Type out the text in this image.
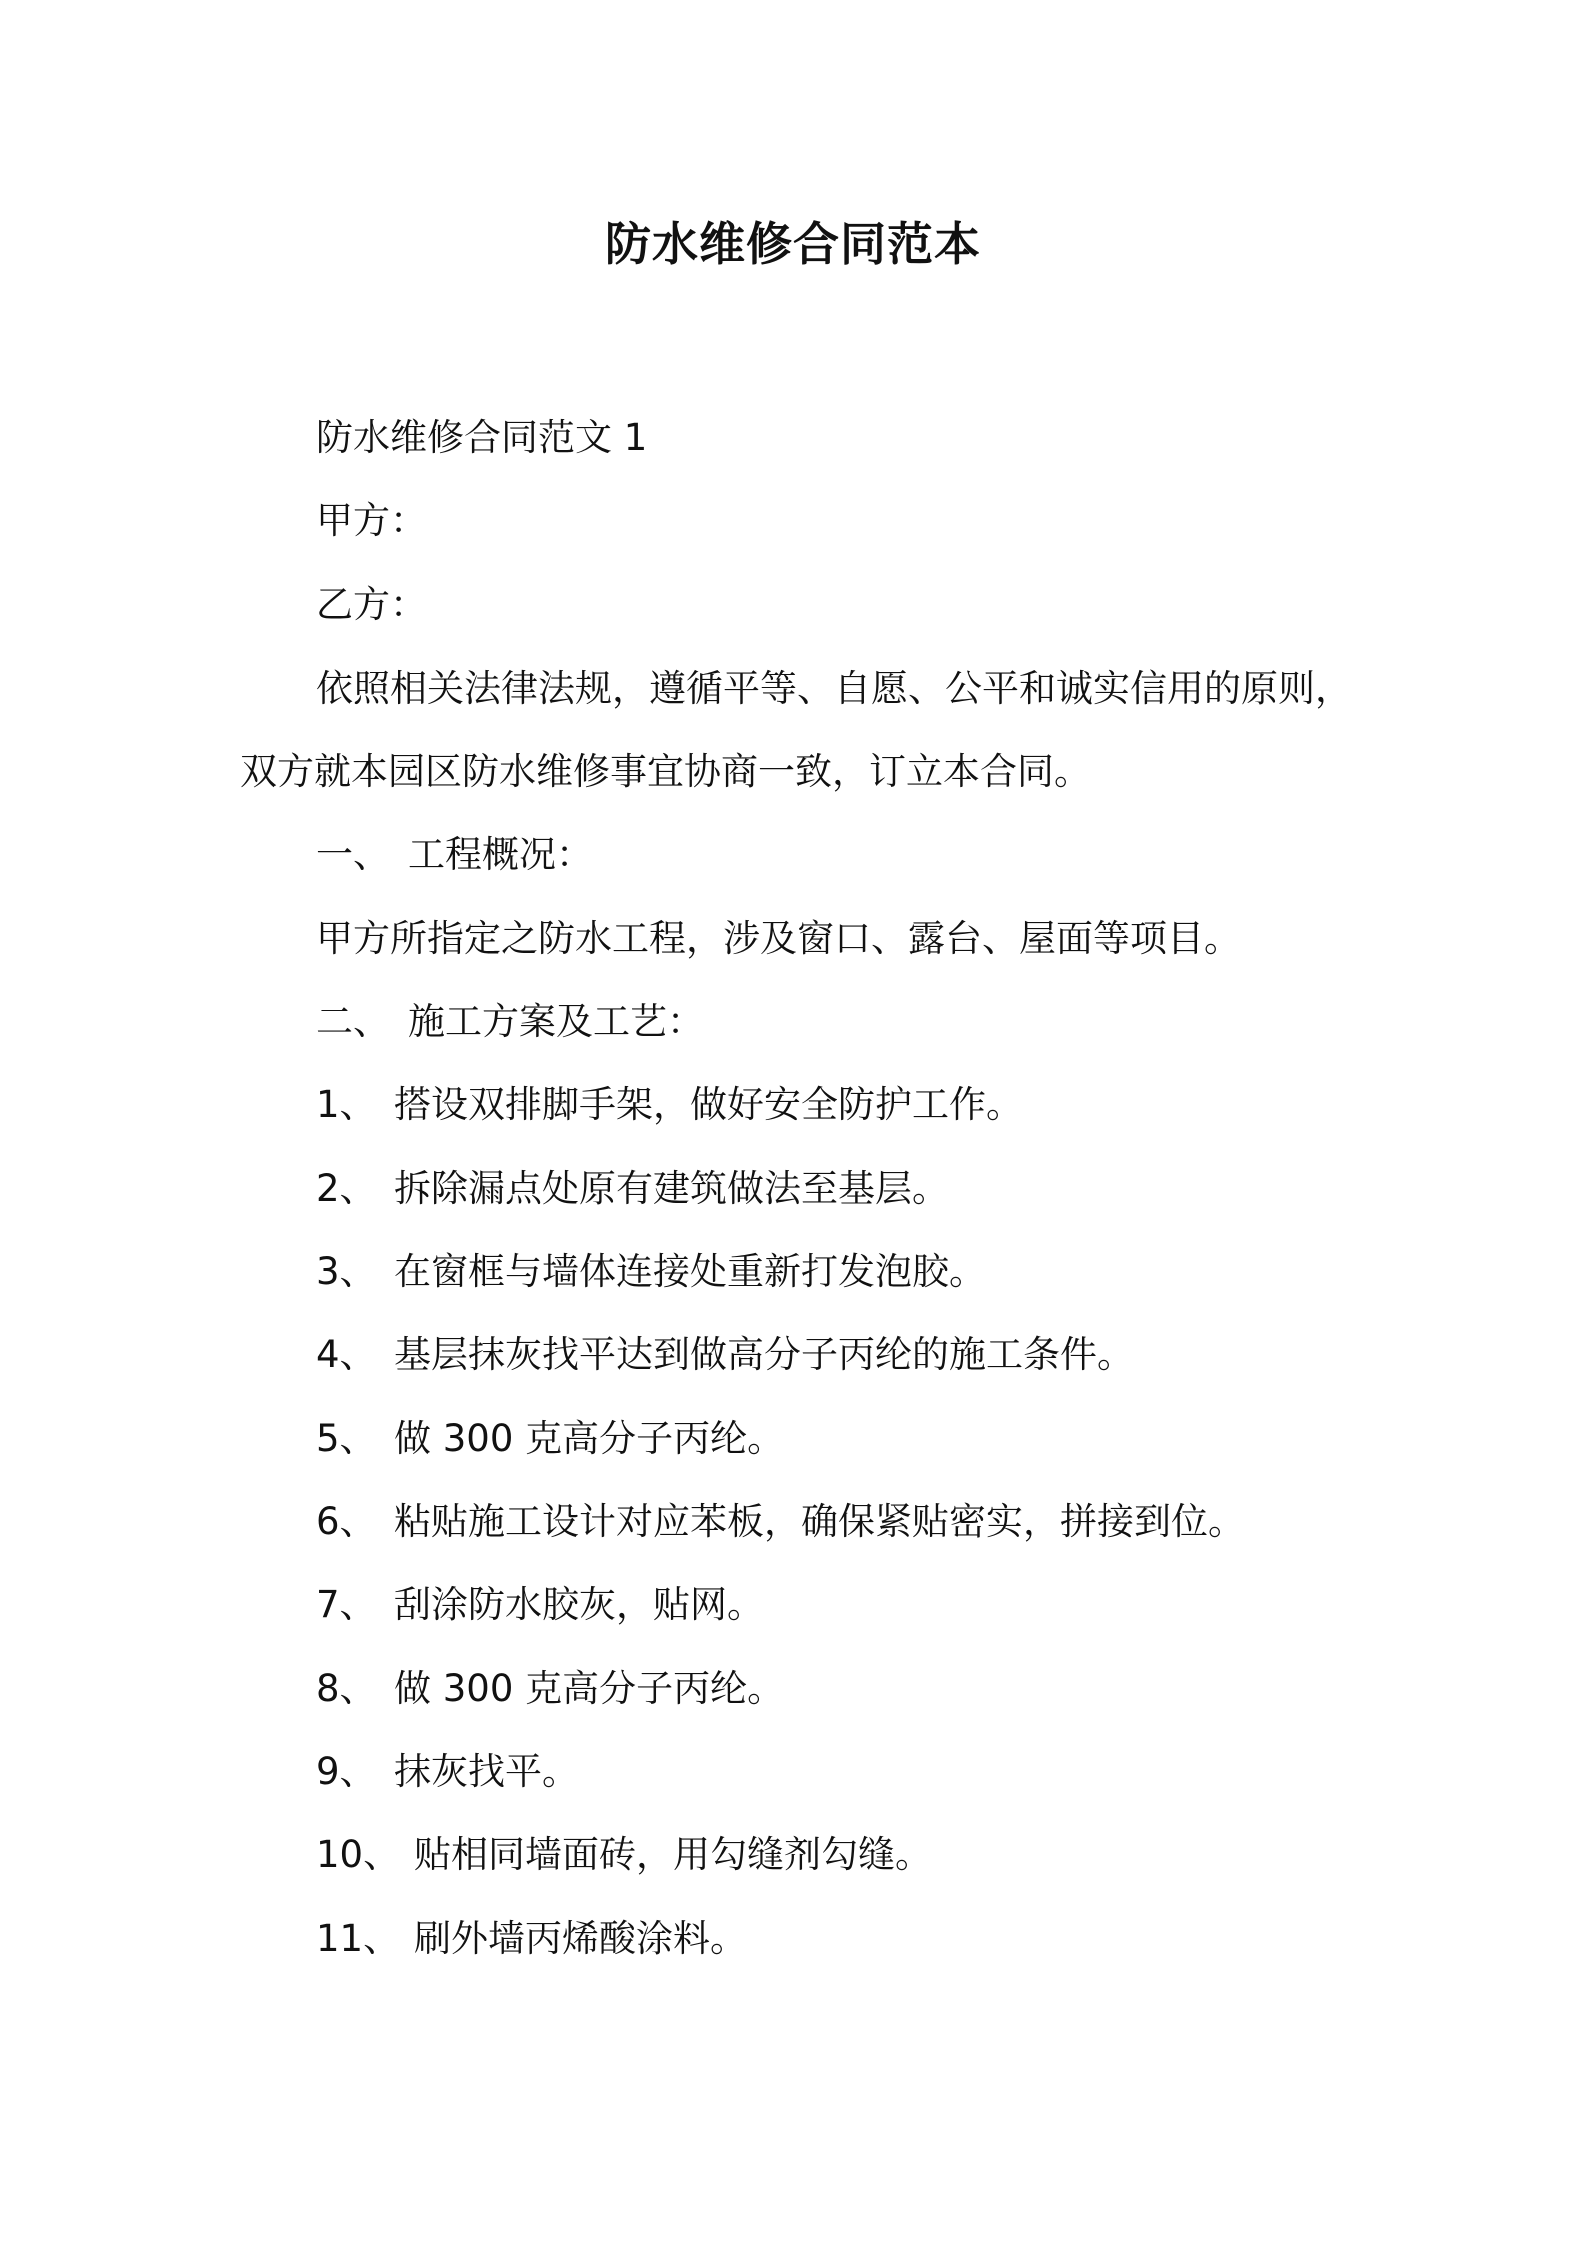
防水维修合同范本
防水维修合同范文 1
甲方：
乙方：
依照相关法律法规，遵循平等、自愿、公平和诚实信用的原则，
双方就本园区防水维修事宜协商一致，订立本合同。
一、 工程概况：
甲方所指定之防水工程，涉及窗口、露台、屋面等项目。
二、 施工方案及工艺：
1、 搭设双排脚手架，做好安全防护工作。
2、 拆除漏点处原有建筑做法至基层。
3、 在窗框与墙体连接处重新打发泡胶。
4、 基层抹灰找平达到做高分子丙纶的施工条件。
5、 做 300 克高分子丙纶。
6、 粘贴施工设计对应苯板，确保紧贴密实，拼接到位。
7、 刮涂防水胶灰，贴网。
8、 做 300 克高分子丙纶。
9、 抹灰找平。
10、 贴相同墙面砖，用勾缝剂勾缝。
11、 刷外墙丙烯酸涂料。
